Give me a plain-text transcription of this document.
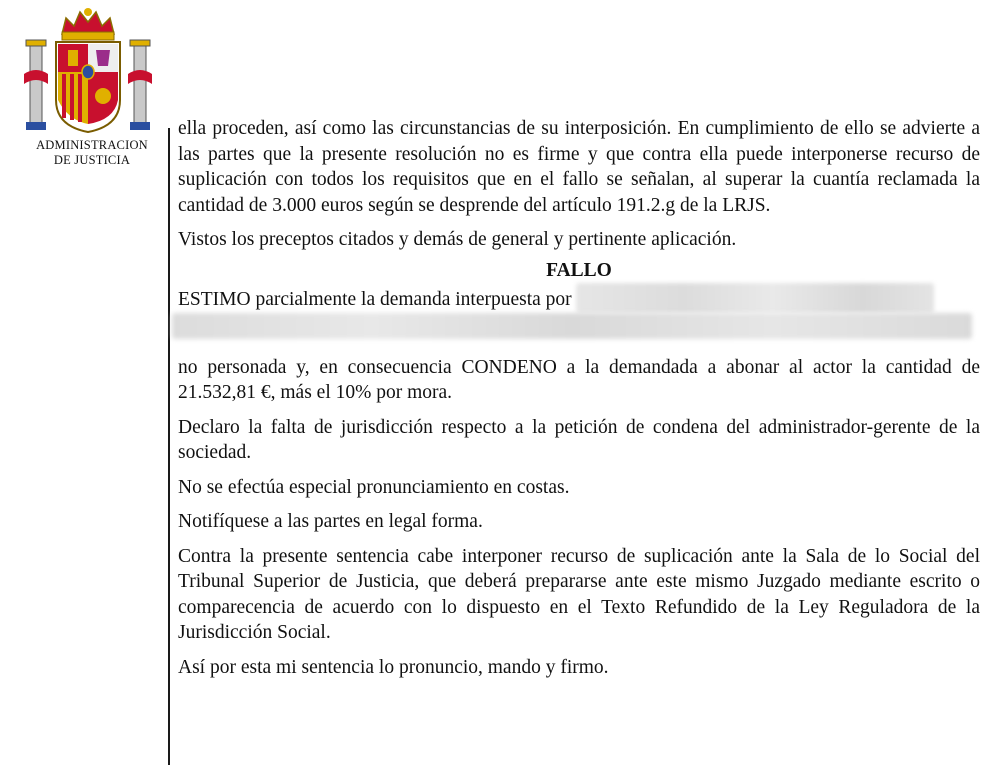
ADMINISTRACION
DE JUSTICIA

ella proceden, así como las circunstancias de su interposición. En cumplimiento de ello se advierte a las partes que la presente resolución no es firme y que contra ella puede interponerse recurso de suplicación con todos los requisitos que en el fallo se señalan, al superar la cuantía reclamada la cantidad de 3.000 euros según se desprende del artículo 191.2.g de la LRJS.

Vistos los preceptos citados y demás de general y pertinente aplicación.

FALLO

ESTIMO parcialmente la demanda interpuesta por

no personada y, en consecuencia CONDENO a la demandada a abonar al actor la cantidad de 21.532,81 €, más el 10% por mora.

Declaro la falta de jurisdicción respecto a la petición de condena del administrador-gerente de la sociedad.

No se efectúa especial pronunciamiento en costas.

Notifíquese a las partes en legal forma.

Contra la presente sentencia cabe interponer recurso de suplicación ante la Sala de lo Social del Tribunal Superior de Justicia, que deberá prepararse ante este mismo Juzgado mediante escrito o comparecencia de acuerdo con lo dispuesto en el Texto Refundido de la Ley Reguladora de la Jurisdicción Social.

Así por esta mi sentencia lo pronuncio, mando y firmo.
